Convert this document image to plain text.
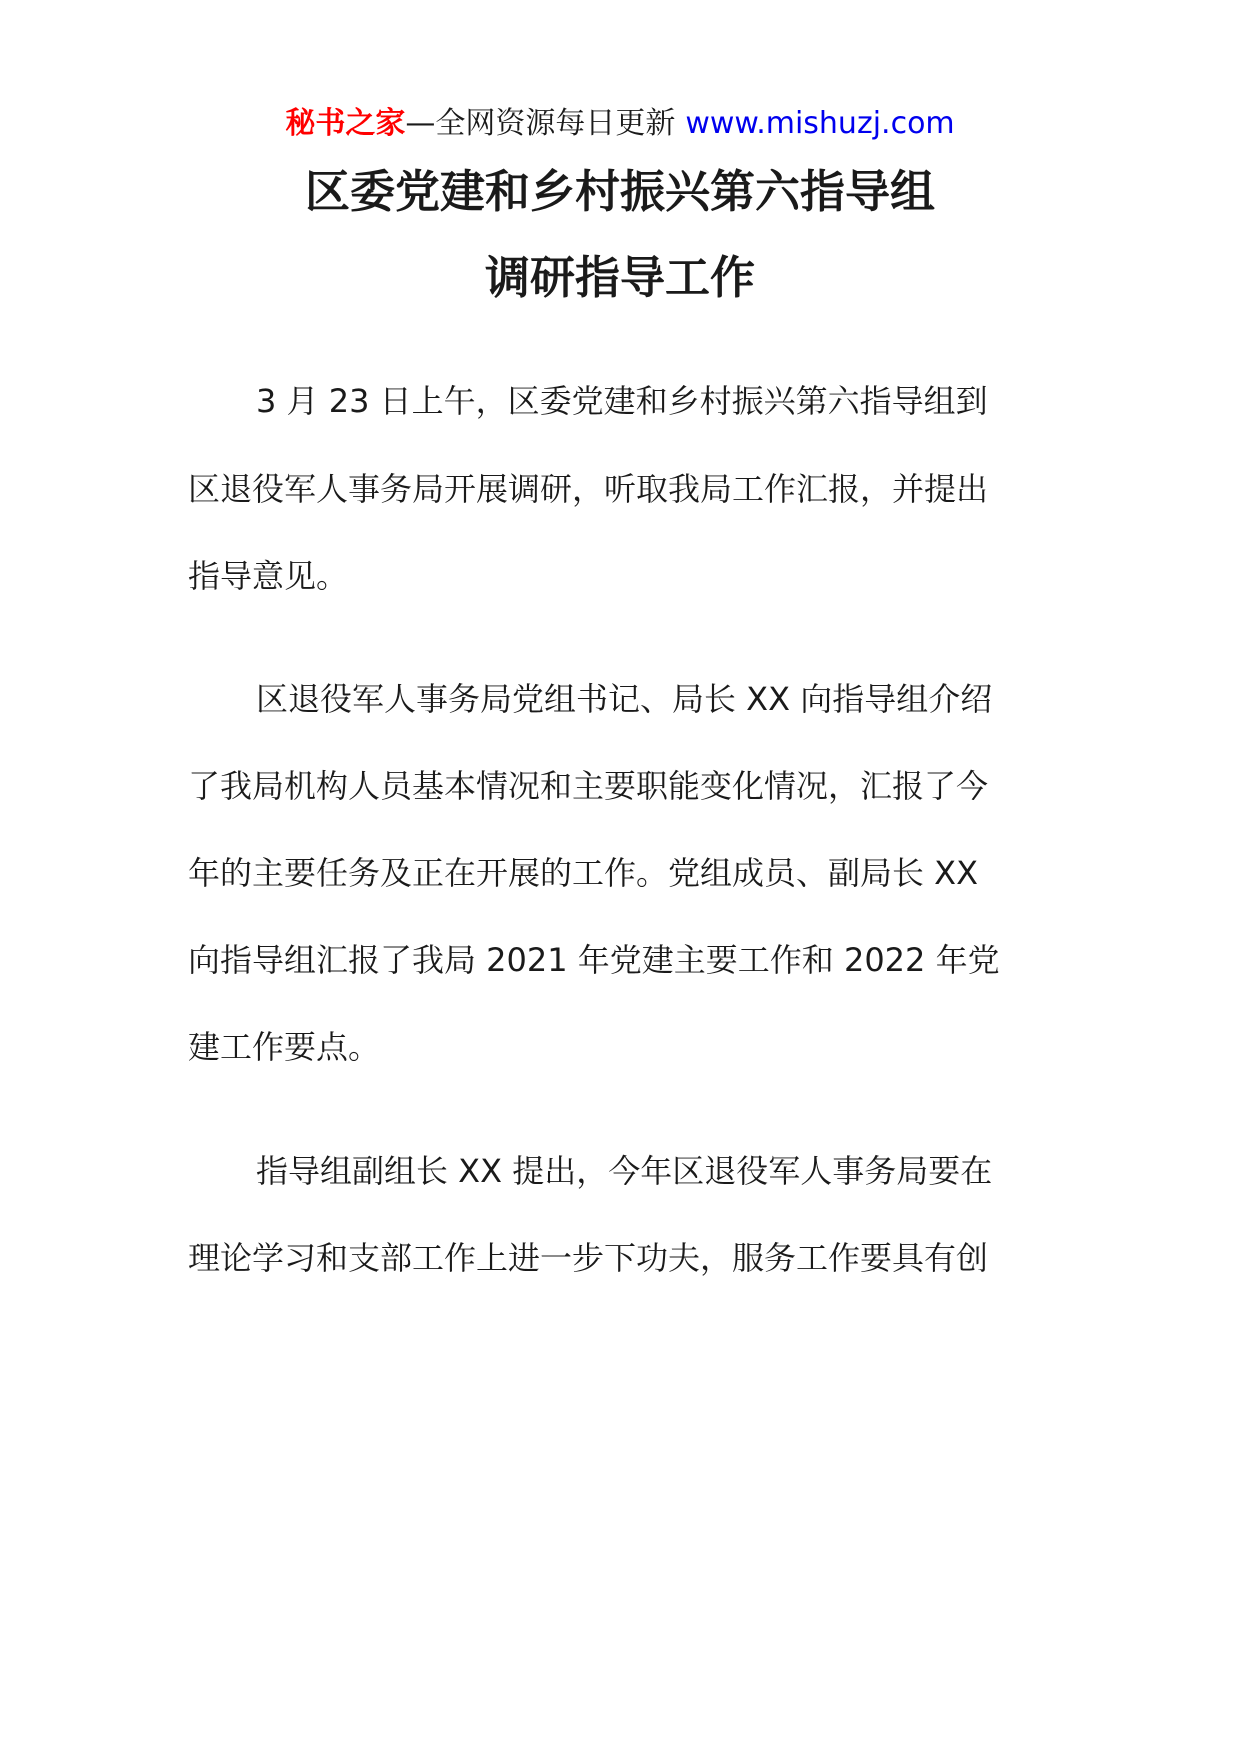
秘书之家—全网资源每日更新 www.mishuzj.com
区委党建和乡村振兴第六指导组
调研指导工作
3 月 23 日上午，区委党建和乡村振兴第六指导组到
区退役军人事务局开展调研，听取我局工作汇报，并提出
指导意见。
区退役军人事务局党组书记、局长 XX 向指导组介绍
了我局机构人员基本情况和主要职能变化情况，汇报了今
年的主要任务及正在开展的工作。党组成员、副局长 XX
向指导组汇报了我局 2021 年党建主要工作和 2022 年党
建工作要点。
指导组副组长 XX 提出，今年区退役军人事务局要在
理论学习和支部工作上进一步下功夫，服务工作要具有创
